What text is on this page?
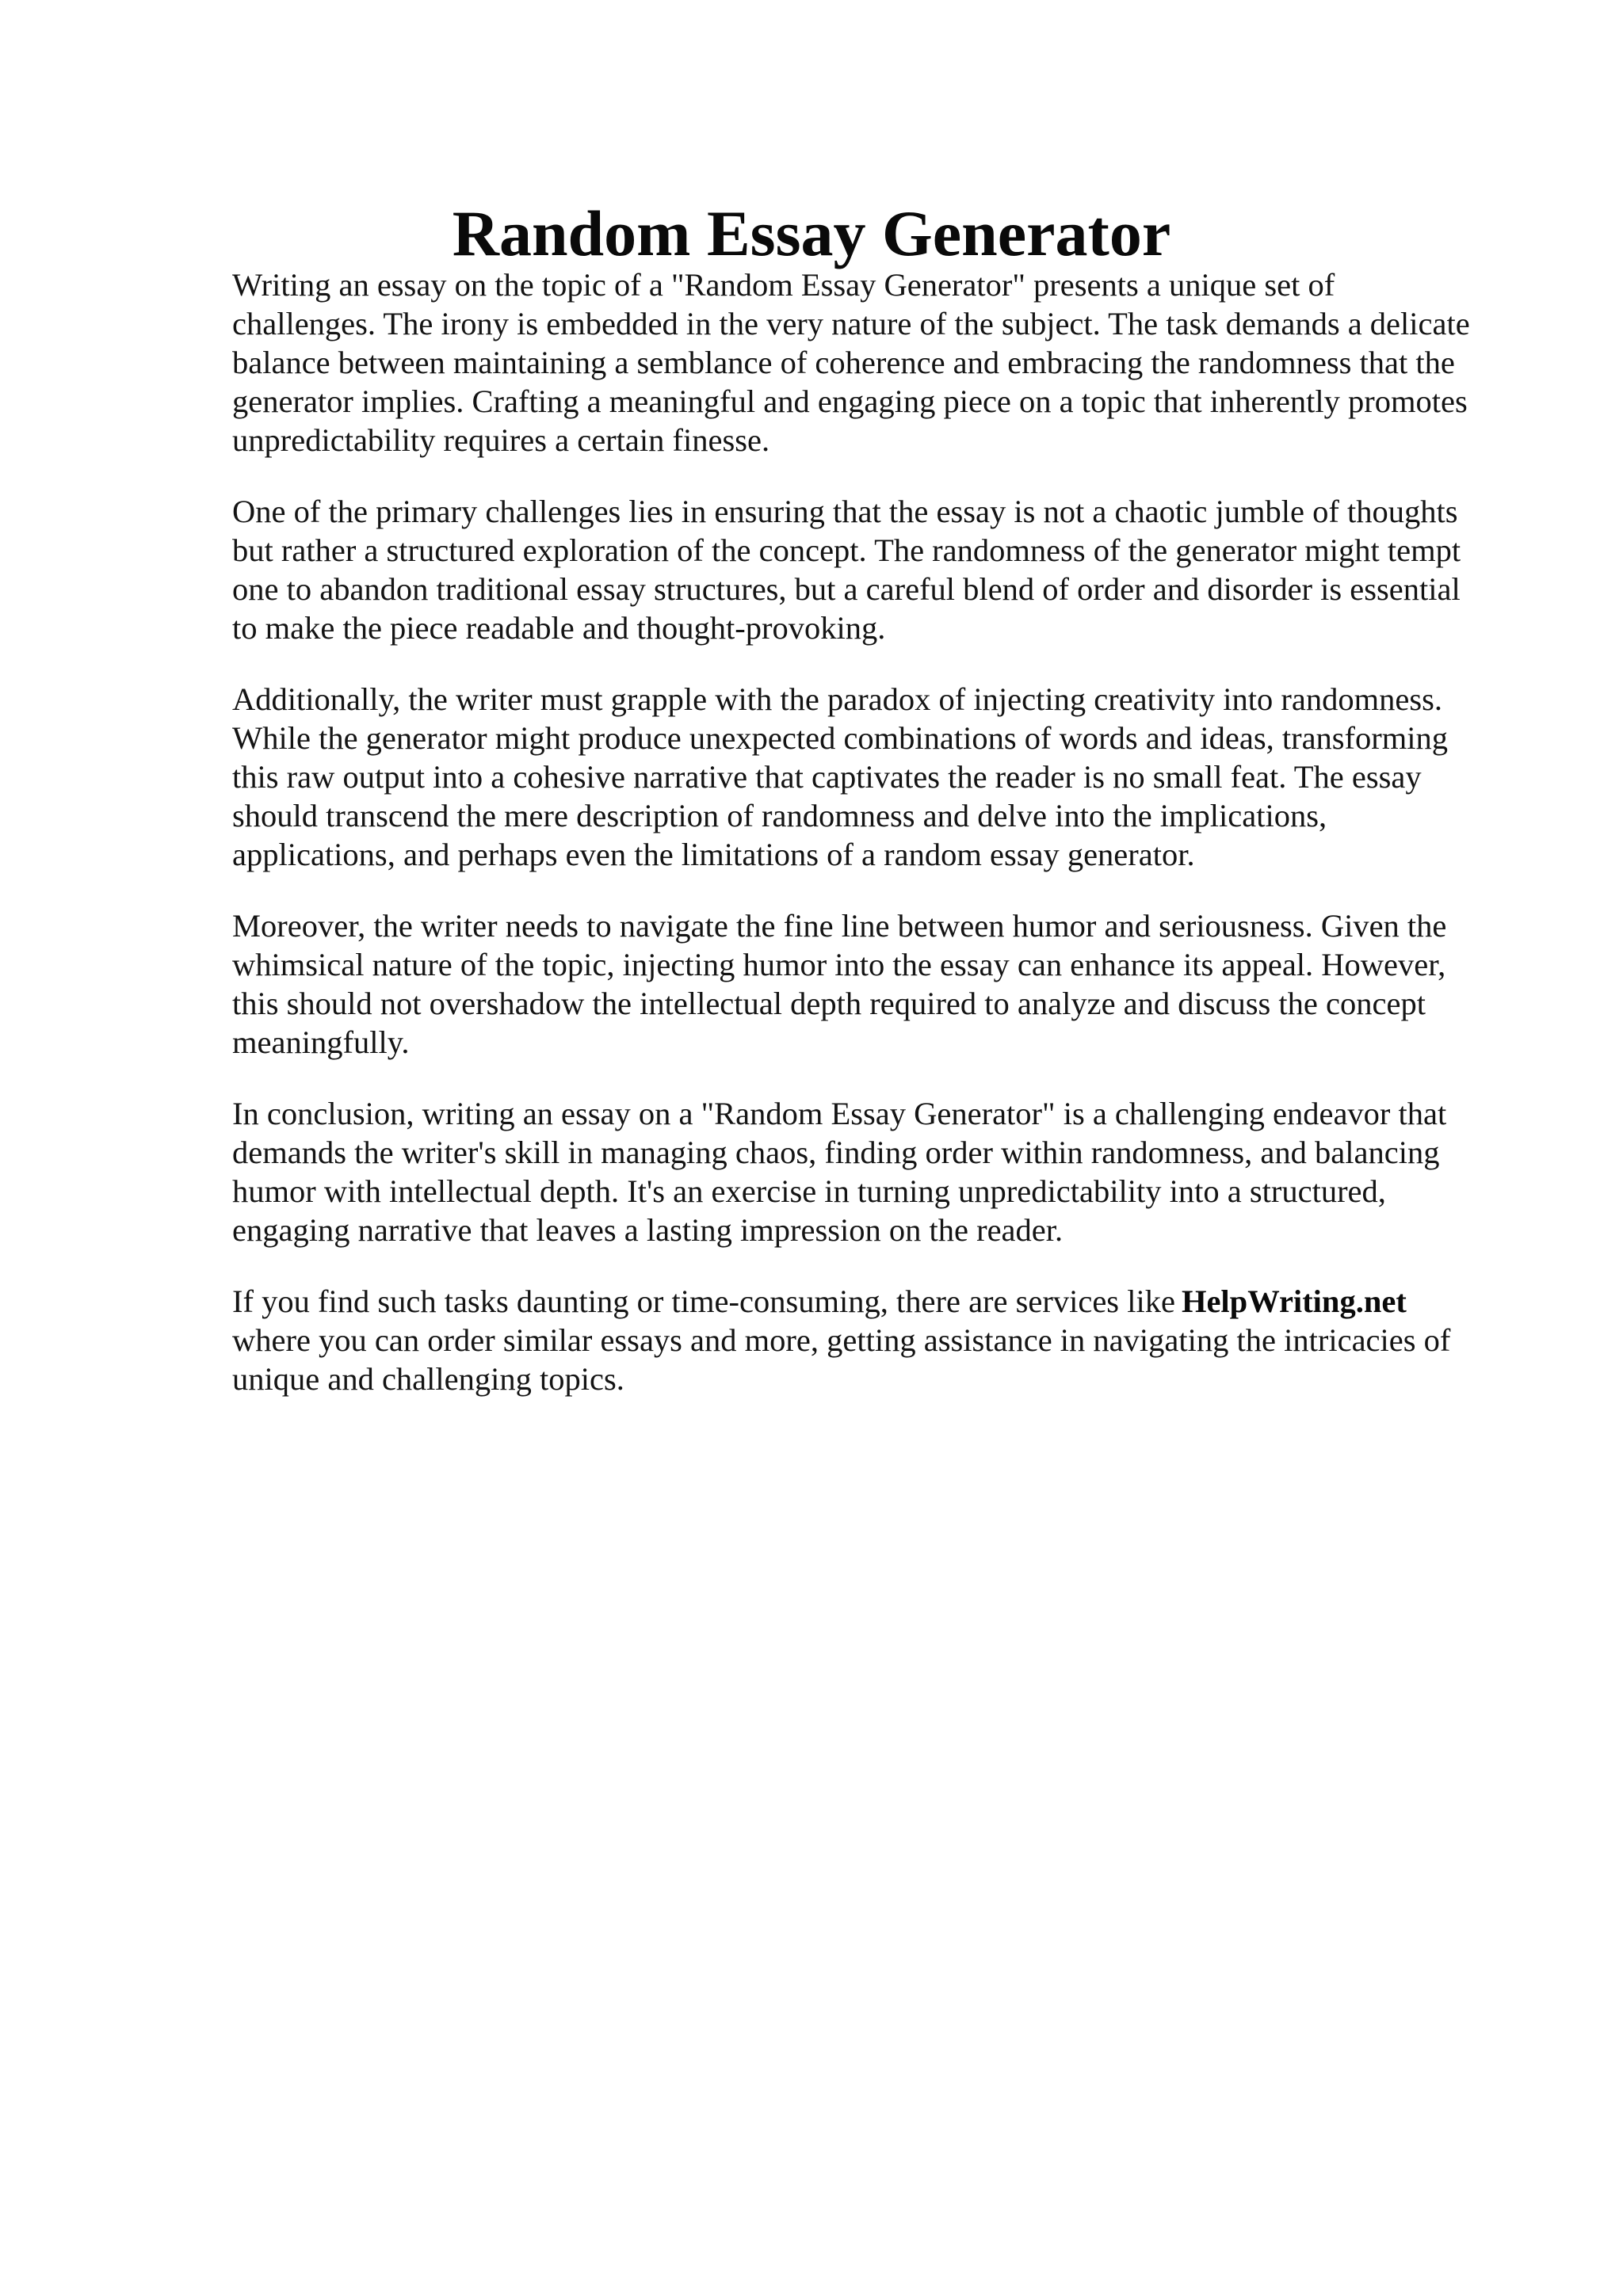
Random Essay Generator

Writing an essay on the topic of a "Random Essay Generator" presents a unique set of
challenges. The irony is embedded in the very nature of the subject. The task demands a delicate
balance between maintaining a semblance of coherence and embracing the randomness that the
generator implies. Crafting a meaningful and engaging piece on a topic that inherently promotes
unpredictability requires a certain finesse.

One of the primary challenges lies in ensuring that the essay is not a chaotic jumble of thoughts
but rather a structured exploration of the concept. The randomness of the generator might tempt
one to abandon traditional essay structures, but a careful blend of order and disorder is essential
to make the piece readable and thought-provoking.

Additionally, the writer must grapple with the paradox of injecting creativity into randomness.
While the generator might produce unexpected combinations of words and ideas, transforming
this raw output into a cohesive narrative that captivates the reader is no small feat. The essay
should transcend the mere description of randomness and delve into the implications,
applications, and perhaps even the limitations of a random essay generator.

Moreover, the writer needs to navigate the fine line between humor and seriousness. Given the
whimsical nature of the topic, injecting humor into the essay can enhance its appeal. However,
this should not overshadow the intellectual depth required to analyze and discuss the concept
meaningfully.

In conclusion, writing an essay on a "Random Essay Generator" is a challenging endeavor that
demands the writer's skill in managing chaos, finding order within randomness, and balancing
humor with intellectual depth. It's an exercise in turning unpredictability into a structured,
engaging narrative that leaves a lasting impression on the reader.

If you find such tasks daunting or time-consuming, there are services like HelpWriting.net
where you can order similar essays and more, getting assistance in navigating the intricacies of
unique and challenging topics.
